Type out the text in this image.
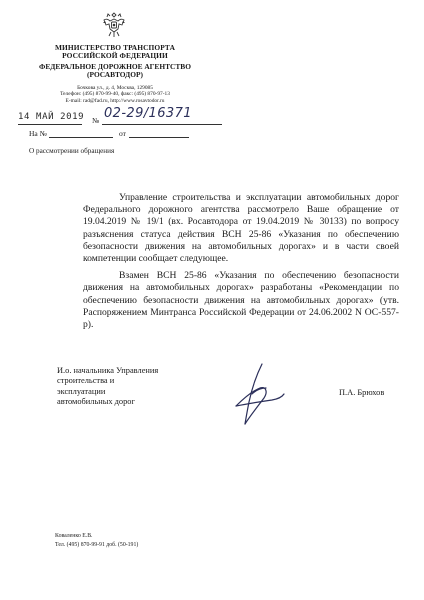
МИНИСТЕРСТВО ТРАНСПОРТА
РОССИЙСКОЙ ФЕДЕРАЦИИ
ФЕДЕРАЛЬНОЕ ДОРОЖНОЕ АГЕНТСТВО
(РОСАВТОДОР)
Бочкова ул., д. 4, Москва, 129085
Телефон: (495) 870-99-40, факс: (495) 870-97-13
E-mail: rad@fad.ru, http://www.rosavtodor.ru
14 МАЙ 2019 № 02-29/16371
На №	от
О рассмотрении обращения

Управление строительства и эксплуатации автомобильных дорог Федерального дорожного агентства рассмотрело Ваше обращение от 19.04.2019 № 19/1 (вх. Росавтодора от 19.04.2019 № 30133) по вопросу разъяснения статуса действия ВСН 25-86 «Указания по обеспечению безопасности движения на автомобильных дорогах» и в части своей компетенции сообщает следующее.

Взамен ВСН 25-86 «Указания по обеспечению безопасности движения на автомобильных дорогах» разработаны «Рекомендации по обеспечению безопасности движения на автомобильных дорогах» (утв. Распоряжением Минтранса Российской Федерации от 24.06.2002 N ОС-557-р).

И.о. начальника Управления
строительства и
эксплуатации
автомобильных дорог
П.А. Брюхов
Коваленко Е.В.
Тел. (495) 870-99-91 доб. (50-191)
